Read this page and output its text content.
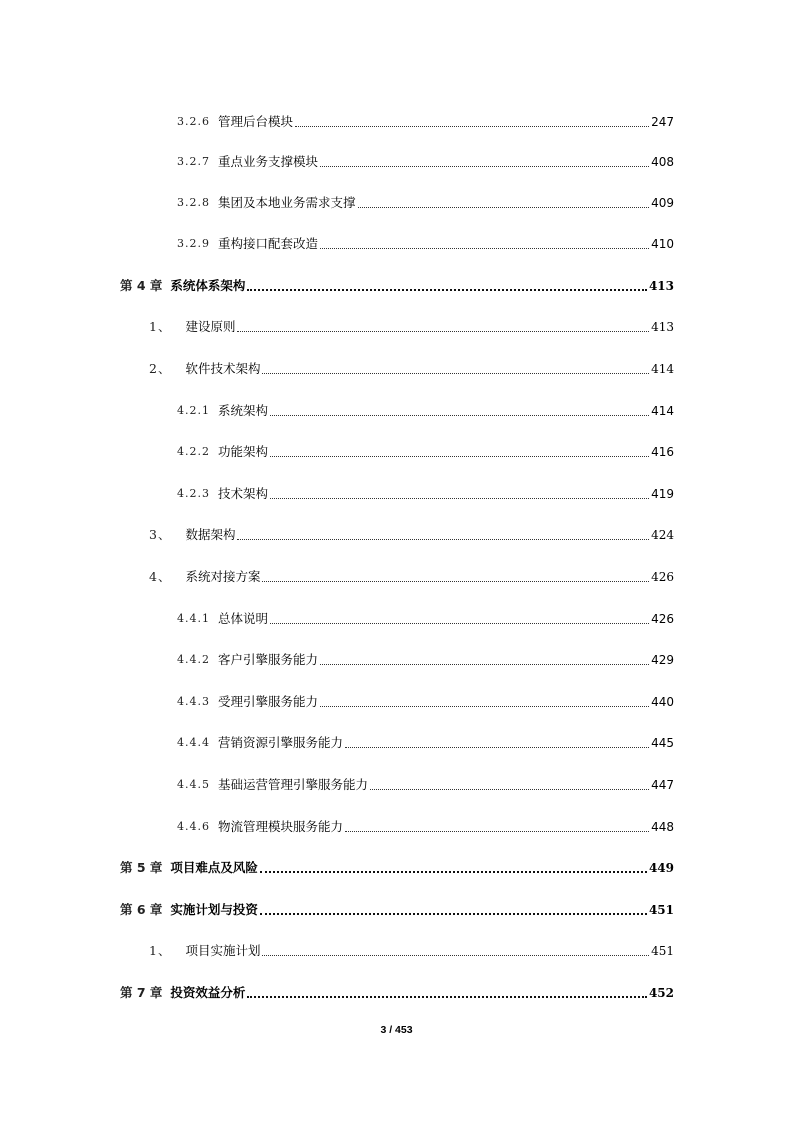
3.2.6 管理后台模块	247
3.2.7 重点业务支撑模块	408
3.2.8 集团及本地业务需求支撑	409
3.2.9 重构接口配套改造	410
第 4 章 系统体系架构	413
1、 建设原则	413
2、 软件技术架构	414
4.2.1 系统架构	414
4.2.2 功能架构	416
4.2.3 技术架构	419
3、 数据架构	424
4、 系统对接方案	426
4.4.1 总体说明	426
4.4.2 客户引擎服务能力	429
4.4.3 受理引擎服务能力	440
4.4.4 营销资源引擎服务能力	445
4.4.5 基础运营管理引擎服务能力	447
4.4.6 物流管理模块服务能力	448
第 5 章 项目难点及风险	449
第 6 章 实施计划与投资	451
1、 项目实施计划	451
第 7 章 投资效益分析	452
3 / 453
